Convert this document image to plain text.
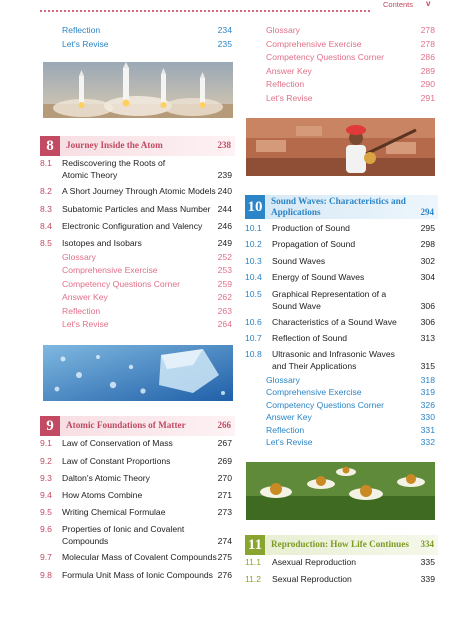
Contents v
Reflection	234
Let's Revise	235
8	Journey Inside the Atom	238
8.1 Rediscovering the Roots of
Atomic Theory	239
8.2 A Short Journey Through Atomic Models 240
8.3 Subatomic Particles and Mass Number 244
8.4 Electronic Configuration and Valency 246
8.5 Isotopes and Isobars	249
Glossary	252
Comprehensive Exercise	253
Competency Questions Corner	259
Answer Key	262
Reflection	263
Let's Revise	264
9	Atomic Foundations of Matter	266
9.1 Law of Conservation of Mass	267
9.2 Law of Constant Proportions	269
9.3 Dalton's Atomic Theory	270
9.4 How Atoms Combine	271
9.5 Writing Chemical Formulae	273
9.6 Properties of Ionic and Covalent
Compounds	274
9.7 Molecular Mass of Covalent Compounds 275
9.8 Formula Unit Mass of Ionic Compounds 276
Glossary	278
Comprehensive Exercise	278
Competency Questions Corner	286
Answer Key	289
Reflection	290
Let's Revise	291
10 Sound Waves: Characteristics and
Applications	294
10.1 Production of Sound	295
10.2 Propagation of Sound	298
10.3 Sound Waves	302
10.4 Energy of Sound Waves	304
10.5 Graphical Representation of a
Sound Wave	306
10.6 Characteristics of a Sound Wave	306
10.7 Reflection of Sound	313
10.8 Ultrasonic and Infrasonic Waves
and Their Applications	315
Glossary	318
Comprehensive Exercise	319
Competency Questions Corner	326
Answer Key	330
Reflection	331
Let's Revise	332
11 Reproduction: How Life Continues 334
11.1 Asexual Reproduction	335
11.2 Sexual Reproduction	339
